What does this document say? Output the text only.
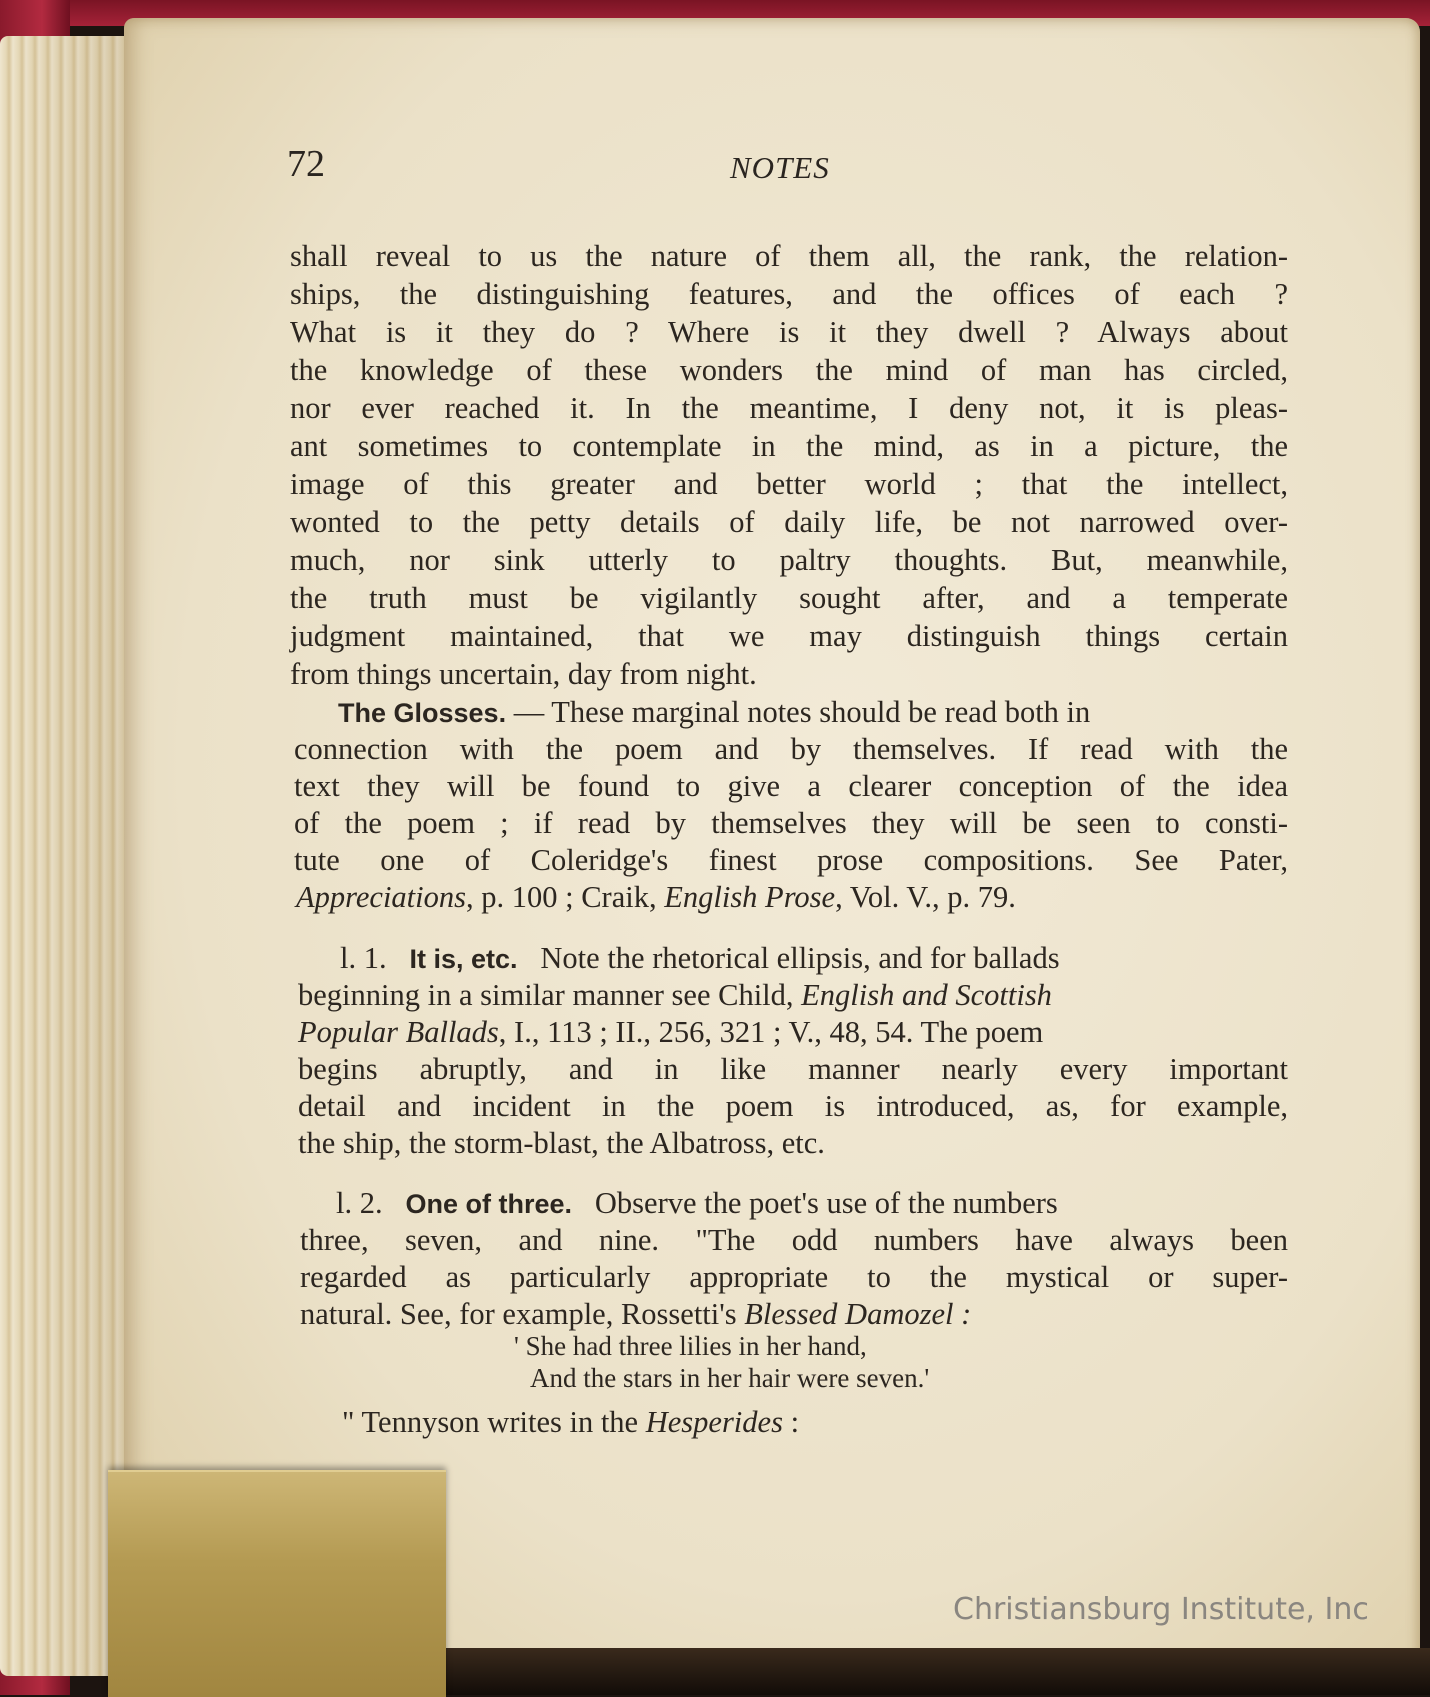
72	NOTES
shall reveal to us the nature of them all, the rank, the relation-
ships, the distinguishing features, and the offices of each ?
What is it they do ? Where is it they dwell ? Always about
the knowledge of these wonders the mind of man has circled,
nor ever reached it. In the meantime, I deny not, it is pleas-
ant sometimes to contemplate in the mind, as in a picture, the
image of this greater and better world ; that the intellect,
wonted to the petty details of daily life, be not narrowed over-
much, nor sink utterly to paltry thoughts. But, meanwhile,
the truth must be vigilantly sought after, and a temperate
judgment maintained, that we may distinguish things certain
from things uncertain, day from night.
The Glosses. — These marginal notes should be read both in
connection with the poem and by themselves. If read with the
text they will be found to give a clearer conception of the idea
of the poem ; if read by themselves they will be seen to consti-
tute one of Coleridge's finest prose compositions. See Pater,
Appreciations, p. 100 ; Craik, English Prose, Vol. V., p. 79.
l. 1. It is, etc. Note the rhetorical ellipsis, and for ballads
beginning in a similar manner see Child, English and Scottish
Popular Ballads, I., 113 ; II., 256, 321 ; V., 48, 54. The poem
begins abruptly, and in like manner nearly every important
detail and incident in the poem is introduced, as, for example,
the ship, the storm-blast, the Albatross, etc.
l. 2. One of three. Observe the poet's use of the numbers
three, seven, and nine. "The odd numbers have always been
regarded as particularly appropriate to the mystical or super-
natural. See, for example, Rossetti's Blessed Damozel :
' She had three lilies in her hand,
And the stars in her hair were seven.'
" Tennyson writes in the Hesperides :
Christiansburg Institute, Inc
